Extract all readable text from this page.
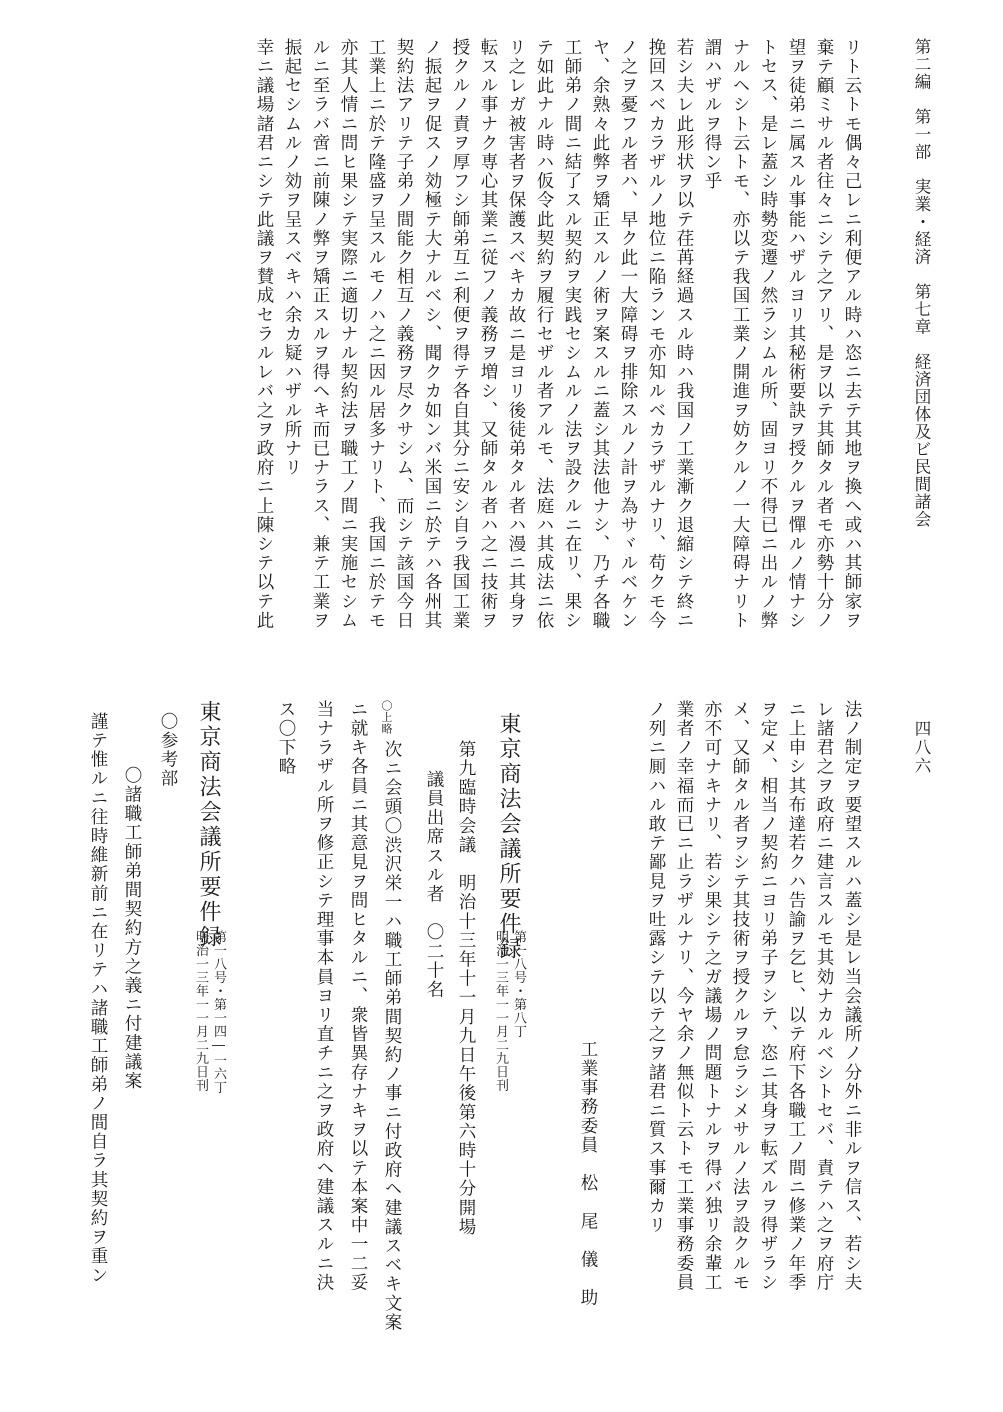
第二編　第一部　実業・経済　第七章　経済団体及ビ民間諸会
四八六
リト云トモ偶々己レニ利便アル時ハ恣ニ去テ其地ヲ換ヘ或ハ其師家ヲ
棄テ顧ミサル者往々ニシテ之アリ、是ヲ以テ其師タル者モ亦勢十分ノ
望ヲ徒弟ニ属スル事能ハザルヨリ其秘術要訣ヲ授クルヲ憚ルノ情ナシ
トセス、是レ蓋シ時勢変遷ノ然ラシムル所、固ヨリ不得已ニ出ルノ弊
ナルヘシト云トモ、亦以テ我国工業ノ開進ヲ妨クルノ一大障碍ナリト
謂ハザルヲ得ン乎
若シ夫レ此形状ヲ以テ荏苒経過スル時ハ我国ノ工業漸ク退縮シテ終ニ
挽回スベカラザルノ地位ニ陥ランモ亦知ルベカラザルナリ、苟クモ今
ノ之ヲ憂フル者ハ、早ク此一大障碍ヲ排除スルノ計ヲ為サヾルベケン
ヤ、余熟々此弊ヲ矯正スルノ術ヲ案スルニ蓋シ其法他ナシ、乃チ各職
工師弟ノ間ニ結了スル契約ヲ実践セシムルノ法ヲ設クルニ在リ、果シ
テ如此ナル時ハ仮令此契約ヲ履行セザル者アルモ、法庭ハ其成法ニ依
リ之レガ被害者ヲ保護スベキカ故ニ是ヨリ後徒弟タル者ハ漫ニ其身ヲ
転スル事ナク専心其業ニ従フノ義務ヲ増シ、又師タル者ハ之ニ技術ヲ
授クルノ責ヲ厚フシ師弟互ニ利便ヲ得テ各自其分ニ安シ自ラ我国工業
ノ振起ヲ促スノ効極テ大ナルベシ、聞クカ如ンバ米国ニ於テハ各州其
契約法アリテ子弟ノ間能ク相互ノ義務ヲ尽クサシム、而シテ該国今日
工業上ニ於テ隆盛ヲ呈スルモノハ之ニ因ル居多ナリト、我国ニ於テモ
亦其人情ニ問ヒ果シテ実際ニ適切ナル契約法ヲ職工ノ間ニ実施セシム
ルニ至ラバ啻ニ前陳ノ弊ヲ矯正スルヲ得ヘキ而已ナラス、兼テ工業ヲ
振起セシムルノ効ヲ呈スベキハ余カ疑ハザル所ナリ
幸ニ議場諸君ニシテ此議ヲ賛成セラルレバ之ヲ政府ニ上陳シテ以テ此
法ノ制定ヲ要望スルハ蓋シ是レ当会議所ノ分外ニ非ルヲ信ス、若シ夫
レ諸君之ヲ政府ニ建言スルモ其効ナカルベシトセバ、責テハ之ヲ府庁
ニ上申シ其布達若クハ告諭ヲ乞ヒ、以テ府下各職工ノ間ニ修業ノ年季
ヲ定メ、相当ノ契約ニヨリ弟子ヲシテ、恣ニ其身ヲ転ズルヲ得ザラシ
メ、又師タル者ヲシテ其技術ヲ授クルヲ怠ラシメサルノ法ヲ設クルモ
亦不可ナキナリ、若シ果シテ之ガ議場ノ問題トナルヲ得バ独リ余輩工
業者ノ幸福而已ニ止ラザルナリ、今ヤ余ノ無似ト云トモ工業事務委員
ノ列ニ厠ハル敢テ鄙見ヲ吐露シテ以テ之ヲ諸君ニ質ス事爾カリ
工業事務委員　松　尾　儀　助
東京商法会議所要件録
第一八号・第八丁
明治一三年一一月二九日刊
第九臨時会議　明治十三年十一月九日午後第六時十分開場
議員出席スル者　〇二十名
〇上略
次ニ会頭〇渋沢栄一ハ職工師弟間契約ノ事ニ付政府ヘ建議スベキ文案
ニ就キ各員ニ其意見ヲ問ヒタルニ、衆皆異存ナキヲ以テ本案中一二妥
当ナラザル所ヲ修正シテ理事本員ヨリ直チニ之ヲ政府ヘ建議スルニ決
ス〇下略
東京商法会議所要件録
第一八号・第一四―一六丁
明治一三年一一月二九日刊
〇参考部
〇諸職工師弟間契約方之義ニ付建議案
謹テ惟ルニ往時維新前ニ在リテハ諸職工師弟ノ間自ラ其契約ヲ重ン
